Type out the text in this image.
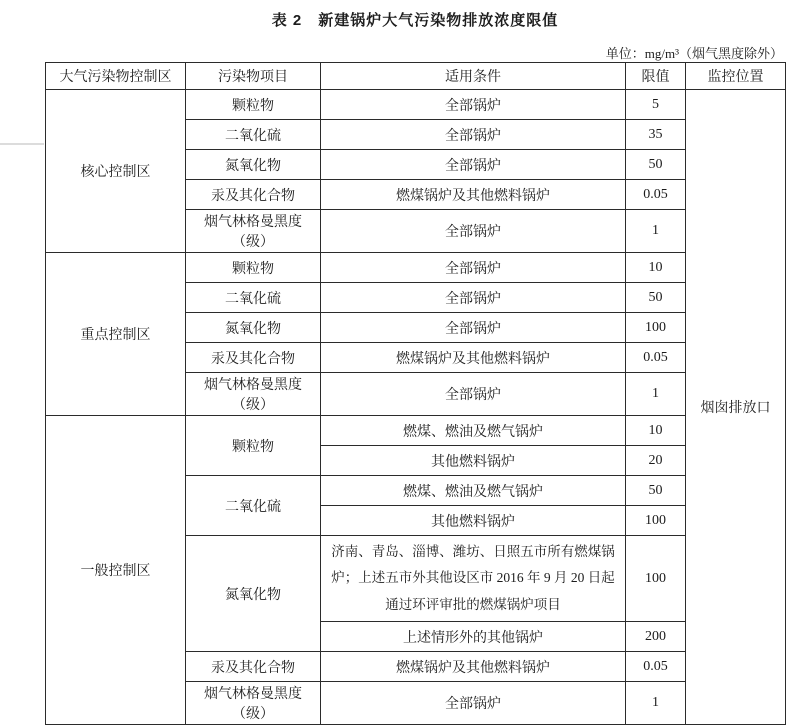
表 2　新建锅炉大气污染物排放浓度限值
单位：mg/m³（烟气黑度除外）
大气污染物控制区	污染物项目	适用条件	限值	监控位置
核心控制区	颗粒物	全部锅炉	5	烟囱排放口
	二氧化硫	全部锅炉	35	
	氮氧化物	全部锅炉	50	
	汞及其化合物	燃煤锅炉及其他燃料锅炉	0.05	
	烟气林格曼黑度（级）	全部锅炉	1	
重点控制区	颗粒物	全部锅炉	10	
	二氧化硫	全部锅炉	50	
	氮氧化物	全部锅炉	100	
	汞及其化合物	燃煤锅炉及其他燃料锅炉	0.05	
	烟气林格曼黑度（级）	全部锅炉	1	
一般控制区	颗粒物	燃煤、燃油及燃气锅炉	10	
		其他燃料锅炉	20	
	二氧化硫	燃煤、燃油及燃气锅炉	50	
		其他燃料锅炉	100	
	氮氧化物	济南、青岛、淄博、潍坊、日照五市所有燃煤锅炉；上述五市外其他设区市 2016 年 9 月 20 日起通过环评审批的燃煤锅炉项目	100	
		上述情形外的其他锅炉	200	
	汞及其化合物	燃煤锅炉及其他燃料锅炉	0.05	
	烟气林格曼黑度（级）	全部锅炉	1	
